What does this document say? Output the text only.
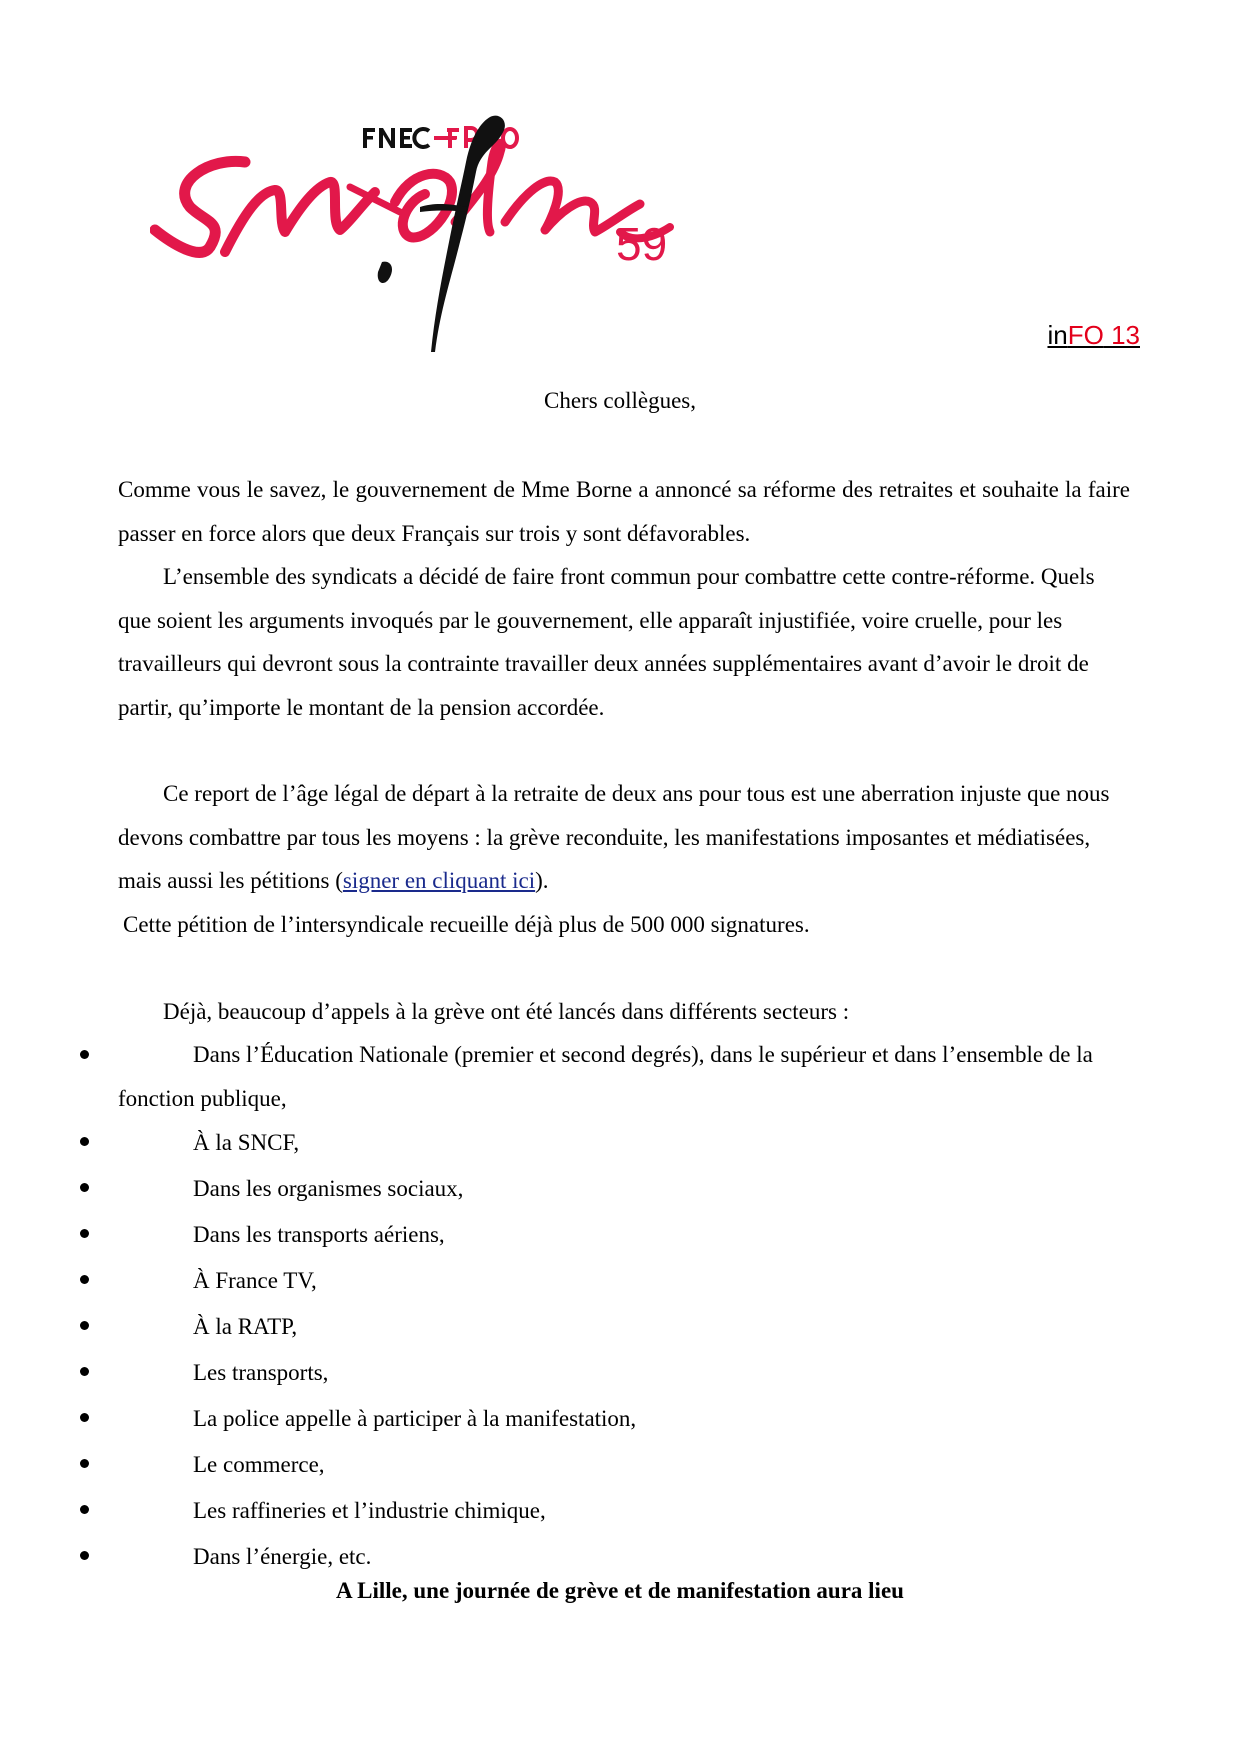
59
inFO 13
Chers collègues,
Comme vous le savez, le gouvernement de Mme Borne a annoncé sa réforme des retraites et souhaite la faire passer en force alors que deux Français sur trois y sont défavorables.
L’ensemble des syndicats a décidé de faire front commun pour combattre cette contre-réforme. Quels que soient les arguments invoqués par le gouvernement, elle apparaît injustifiée, voire cruelle, pour les travailleurs qui devront sous la contrainte travailler deux années supplémentaires avant d’avoir le droit de partir, qu’importe le montant de la pension accordée.
Ce report de l’âge légal de départ à la retraite de deux ans pour tous est une aberration injuste que nous devons combattre par tous les moyens : la grève reconduite, les manifestations imposantes et médiatisées, mais aussi les pétitions (signer en cliquant ici).
Cette pétition de l’intersyndicale recueille déjà plus de 500 000 signatures.
Déjà, beaucoup d’appels à la grève ont été lancés dans différents secteurs :
Dans l’Éducation Nationale (premier et second degrés), dans le supérieur et dans l’ensemble de la fonction publique,
À la SNCF,
Dans les organismes sociaux,
Dans les transports aériens,
À France TV,
À la RATP,
Les transports,
La police appelle à participer à la manifestation,
Le commerce,
Les raffineries et l’industrie chimique,
Dans l’énergie, etc.
A Lille, une journée de grève et de manifestation aura lieu
